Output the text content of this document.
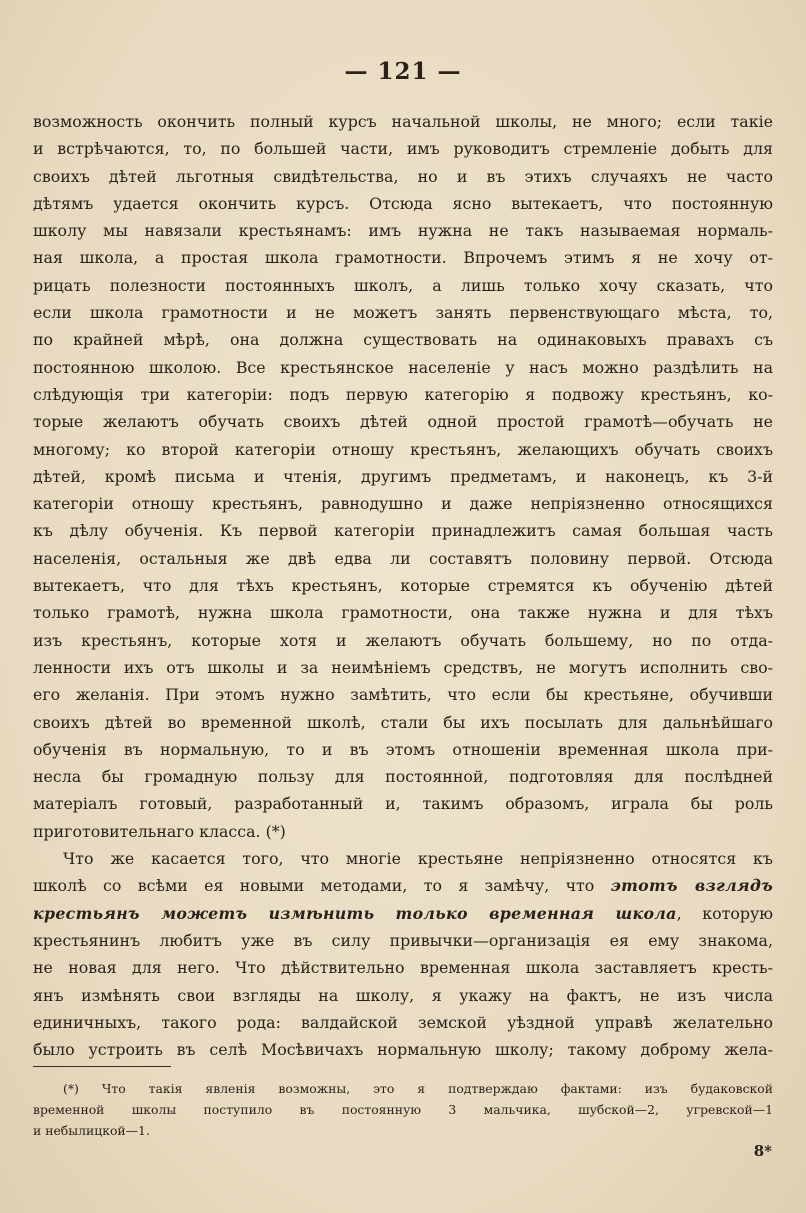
— 121 —
возможность окончить полный курсъ начальной школы, не много; если такіе
и встрѣчаются, то, по большей части, имъ руководитъ стремленіе добыть для
своихъ дѣтей льготныя свидѣтельства, но и въ этихъ случаяхъ не часто
дѣтямъ удается окончить курсъ. Отсюда ясно вытекаетъ, что постоянную
школу мы навязали крестьянамъ: имъ нужна не такъ называемая нормаль-
ная школа, а простая школа грамотности. Впрочемъ этимъ я не хочу от-
рицать полезности постоянныхъ школъ, а лишь только хочу сказать, что
если школа грамотности и не можетъ занять первенствующаго мѣста, то,
по крайней мѣрѣ, она должна существовать на одинаковыхъ правахъ съ
постоянною школою. Все крестьянское населеніе у насъ можно раздѣлить на
слѣдующія три категоріи: подъ первую категорію я подвожу крестьянъ, ко-
торые желаютъ обучать своихъ дѣтей одной простой грамотѣ—обучать не
многому; ко второй категоріи отношу крестьянъ, желающихъ обучать своихъ
дѣтей, кромѣ письма и чтенія, другимъ предметамъ, и наконецъ, къ 3-й
категоріи отношу крестьянъ, равнодушно и даже непріязненно относящихся
къ дѣлу обученія. Къ первой категоріи принадлежитъ самая большая часть
населенія, остальныя же двѣ едва ли составятъ половину первой. Отсюда
вытекаетъ, что для тѣхъ крестьянъ, которые стремятся къ обученію дѣтей
только грамотѣ, нужна школа грамотности, она также нужна и для тѣхъ
изъ крестьянъ, которые хотя и желаютъ обучать большему, но по отда-
ленности ихъ отъ школы и за неимѣніемъ средствъ, не могутъ исполнить сво-
его желанія. При этомъ нужно замѣтить, что если бы крестьяне, обучивши
своихъ дѣтей во временной школѣ, стали бы ихъ посылать для дальнѣйшаго
обученія въ нормальную, то и въ этомъ отношеніи временная школа при-
несла бы громадную пользу для постоянной, подготовляя для послѣдней
матеріалъ готовый, разработанный и, такимъ образомъ, играла бы роль
приготовительнаго класса. (*)
Что же касается того, что многіе крестьяне непріязненно относятся къ
школѣ со всѣми ея новыми методами, то я замѣчу, что этотъ взглядъ
крестьянъ можетъ измѣнить только временная школа, которую
крестьянинъ любитъ уже въ силу привычки—организація ея ему знакома,
не новая для него. Что дѣйствительно временная школа заставляетъ кресть-
янъ измѣнять свои взгляды на школу, я укажу на фактъ, не изъ числа
единичныхъ, такого рода: валдайской земской уѣздной управѣ желательно
было устроить въ селѣ Мосѣвичахъ нормальную школу; такому доброму жела-
(*) Что такія явленія возможны, это я подтверждаю фактами: изъ будаковской
временной школы поступило въ постоянную 3 мальчика, шубской—2, угревской—1
и небылицкой—1.
8*
